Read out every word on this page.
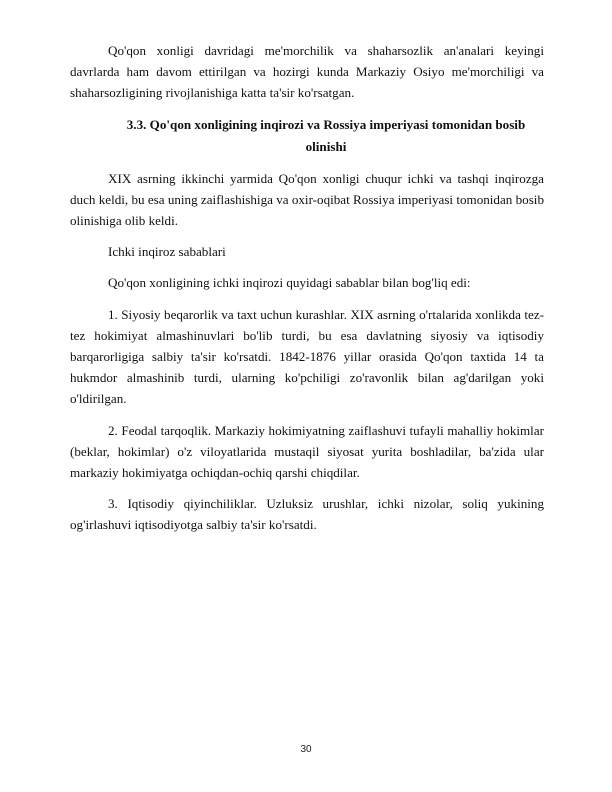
Qo'qon xonligi davridagi me'morchilik va shaharsozlik an'analari keyingi davrlarda ham davom ettirilgan va hozirgi kunda Markaziy Osiyo me'morchiligi va shaharsozligining rivojlanishiga katta ta'sir ko'rsatgan.

3.3. Qo'qon xonligining inqirozi va Rossiya imperiyasi tomonidan bosib olinishi

XIX asrning ikkinchi yarmida Qo'qon xonligi chuqur ichki va tashqi inqirozga duch keldi, bu esa uning zaiflashishiga va oxir-oqibat Rossiya imperiyasi tomonidan bosib olinishiga olib keldi.

Ichki inqiroz sabablari

Qo'qon xonligining ichki inqirozi quyidagi sabablar bilan bog'liq edi:

1. Siyosiy beqarorlik va taxt uchun kurashlar. XIX asrning o'rtalarida xonlikda tez-tez hokimiyat almashinuvlari bo'lib turdi, bu esa davlatning siyosiy va iqtisodiy barqarorligiga salbiy ta'sir ko'rsatdi. 1842-1876 yillar orasida Qo'qon taxtida 14 ta hukmdor almashinib turdi, ularning ko'pchiligi zo'ravonlik bilan ag'darilgan yoki o'ldirilgan.

2. Feodal tarqoqlik. Markaziy hokimiyatning zaiflashuvi tufayli mahalliy hokimlar (beklar, hokimlar) o'z viloyatlarida mustaqil siyosat yurita boshladilar, ba'zida ular markaziy hokimiyatga ochiqdan-ochiq qarshi chiqdilar.

3. Iqtisodiy qiyinchiliklar. Uzluksiz urushlar, ichki nizolar, soliq yukining og'irlashuvi iqtisodiyotga salbiy ta'sir ko'rsatdi.

30
